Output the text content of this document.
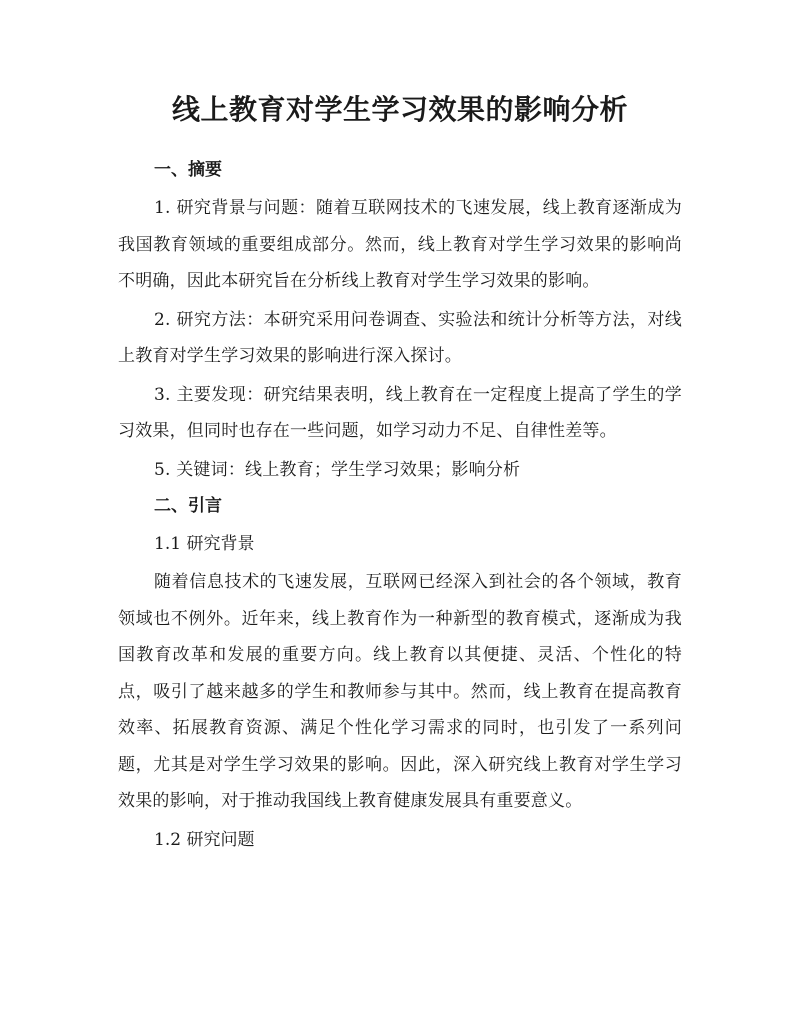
线上教育对学生学习效果的影响分析
一、摘要

1. 研究背景与问题：随着互联网技术的飞速发展，线上教育逐渐成为我国教育领域的重要组成部分。然而，线上教育对学生学习效果的影响尚不明确，因此本研究旨在分析线上教育对学生学习效果的影响。

2. 研究方法：本研究采用问卷调查、实验法和统计分析等方法，对线上教育对学生学习效果的影响进行深入探讨。

3. 主要发现：研究结果表明，线上教育在一定程度上提高了学生的学习效果，但同时也存在一些问题，如学习动力不足、自律性差等。

5. 关键词：线上教育；学生学习效果；影响分析

二、引言
1.1 研究背景

随着信息技术的飞速发展，互联网已经深入到社会的各个领域，教育领域也不例外。近年来，线上教育作为一种新型的教育模式，逐渐成为我国教育改革和发展的重要方向。线上教育以其便捷、灵活、个性化的特点，吸引了越来越多的学生和教师参与其中。然而，线上教育在提高教育效率、拓展教育资源、满足个性化学习需求的同时，也引发了一系列问题，尤其是对学生学习效果的影响。因此，深入研究线上教育对学生学习效果的影响，对于推动我国线上教育健康发展具有重要意义。

1.2 研究问题
